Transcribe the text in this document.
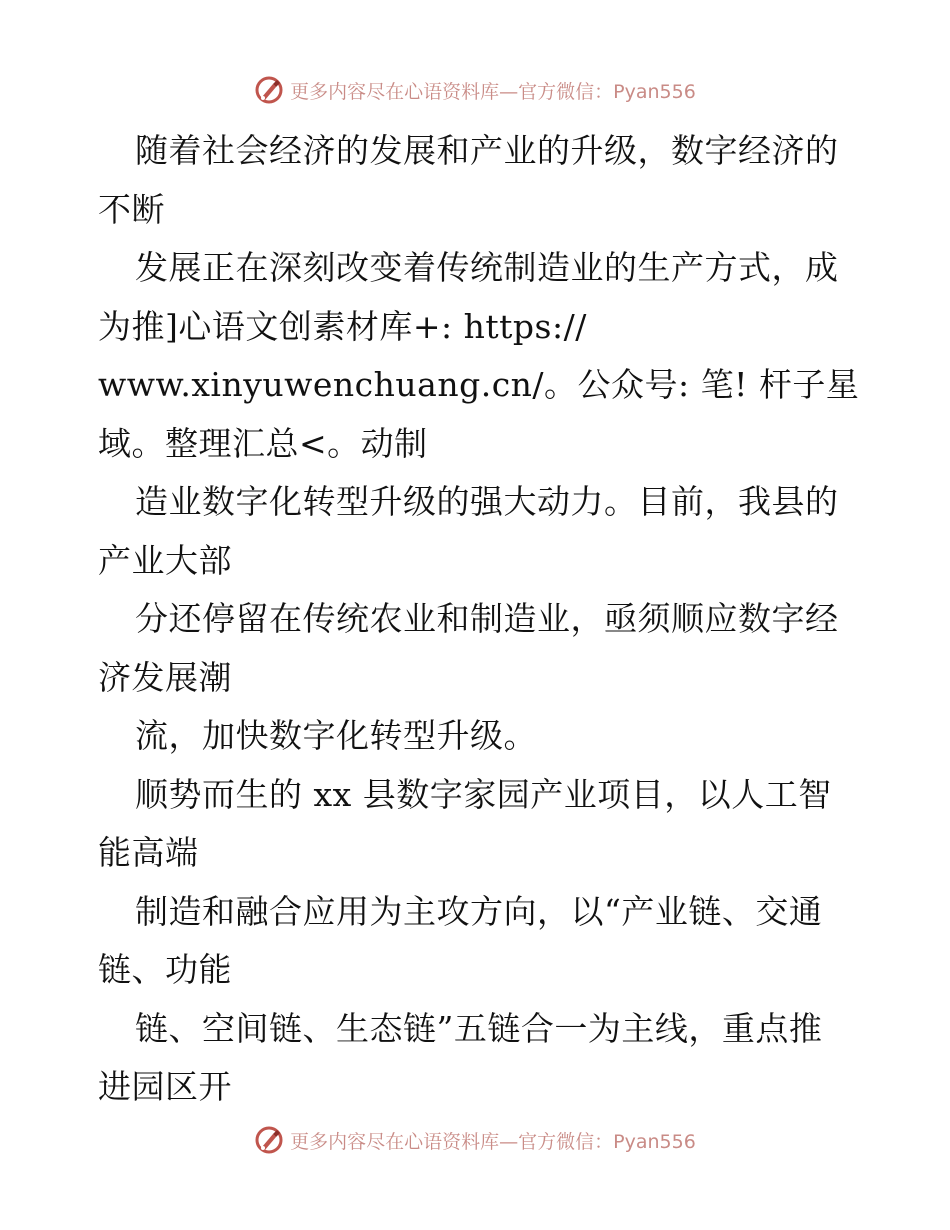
更多内容尽在心语资料库—官方微信：Pyan556
随着社会经济的发展和产业的升级，数字经济的
不断
发展正在深刻改变着传统制造业的生产方式，成
为推]心语文创素材库+: https://
www.xinyuwenchuang.cn/。公众号: 笔! 杆子星
域。整理汇总<。动制
造业数字化转型升级的强大动力。目前，我县的
产业大部
分还停留在传统农业和制造业，亟须顺应数字经
济发展潮
流，加快数字化转型升级。
顺势而生的 xx 县数字家园产业项目，以人工智
能高端
制造和融合应用为主攻方向，以“产业链、交通
链、功能
链、空间链、生态链”五链合一为主线，重点推
进园区开
更多内容尽在心语资料库—官方微信：Pyan556
